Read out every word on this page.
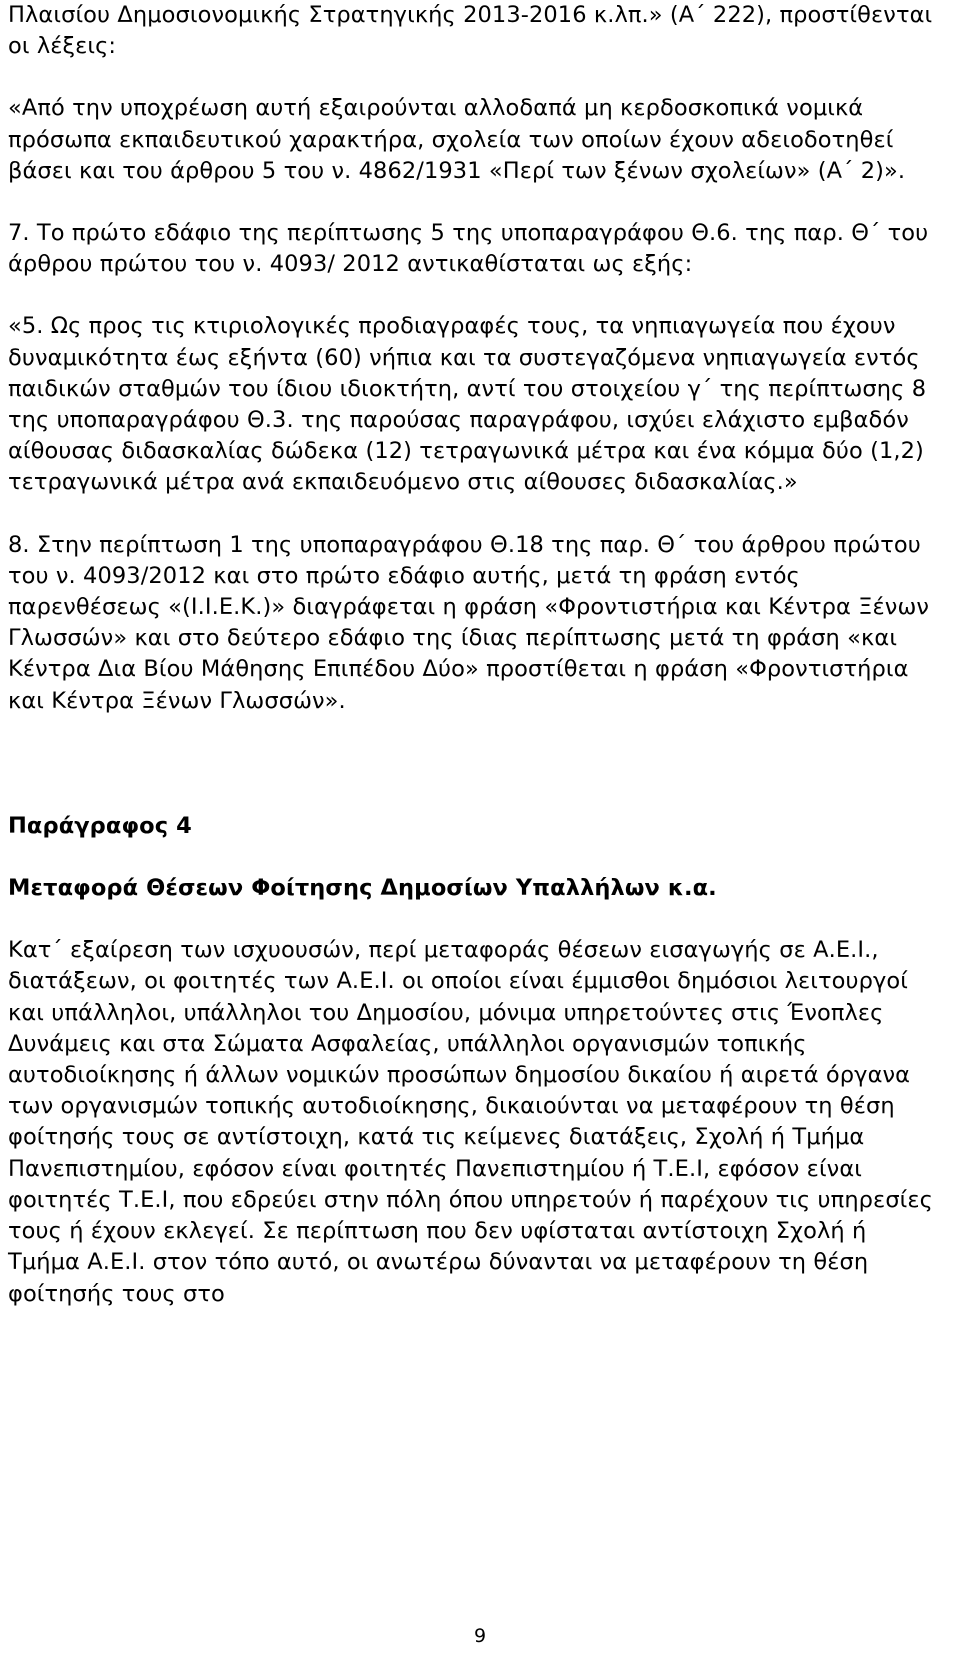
Πλαισίου Δημοσιονομικής Στρατηγικής 2013-2016 κ.λπ.» (Α΄ 222), προστίθενται οι λέξεις:

«Από την υποχρέωση αυτή εξαιρούνται αλλοδαπά μη κερδοσκοπικά νομικά πρόσωπα εκπαιδευτικού χαρακτήρα, σχολεία των οποίων έχουν αδειοδοτηθεί βάσει και του άρθρου 5 του ν. 4862/1931 «Περί των ξένων σχολείων» (Α΄ 2)».

7. Το πρώτο εδάφιο της περίπτωσης 5 της υποπαραγράφου Θ.6. της παρ. Θ΄ του άρθρου πρώτου του ν. 4093/ 2012 αντικαθίσταται ως εξής:

«5. Ως προς τις κτιριολογικές προδιαγραφές τους, τα νηπιαγωγεία που έχουν δυναμικότητα έως εξήντα (60) νήπια και τα συστεγαζόμενα νηπιαγωγεία εντός παιδικών σταθμών του ίδιου ιδιοκτήτη, αντί του στοιχείου γ΄ της περίπτωσης 8 της υποπαραγράφου Θ.3. της παρούσας παραγράφου, ισχύει ελάχιστο εμβαδόν αίθουσας διδασκαλίας δώδεκα (12) τετραγωνικά μέτρα και ένα κόμμα δύο (1,2) τετραγωνικά μέτρα ανά εκπαιδευόμενο στις αίθουσες διδασκαλίας.»

8. Στην περίπτωση 1 της υποπαραγράφου Θ.18 της παρ. Θ΄ του άρθρου πρώτου του ν. 4093/2012 και στο πρώτο εδάφιο αυτής, μετά τη φράση εντός παρενθέσεως «(Ι.Ι.Ε.Κ.)» διαγράφεται η φράση «Φροντιστήρια και Κέντρα Ξένων Γλωσσών» και στο δεύτερο εδάφιο της ίδιας περίπτωσης μετά τη φράση «και Κέντρα Δια Βίου Μάθησης Επιπέδου Δύο» προστίθεται η φράση «Φροντιστήρια και Κέντρα Ξένων Γλωσσών».

Παράγραφος 4

Μεταφορά Θέσεων Φοίτησης Δημοσίων Υπαλλήλων κ.α.

Κατ΄ εξαίρεση των ισχυουσών, περί μεταφοράς θέσεων εισαγωγής σε Α.Ε.Ι., διατάξεων, οι φοιτητές των Α.Ε.Ι. οι οποίοι είναι έμμισθοι δημόσιοι λειτουργοί και υπάλληλοι, υπάλληλοι του Δημοσίου, μόνιμα υπηρετούντες στις Ένοπλες Δυνάμεις και στα Σώματα Ασφαλείας, υπάλληλοι οργανισμών τοπικής αυτοδιοίκησης ή άλλων νομικών προσώπων δημοσίου δικαίου ή αιρετά όργανα των οργανισμών τοπικής αυτοδιοίκησης, δικαιούνται να μεταφέρουν τη θέση φοίτησής τους σε αντίστοιχη, κατά τις κείμενες διατάξεις, Σχολή ή Τμήμα Πανεπιστημίου, εφόσον είναι φοιτητές Πανεπιστημίου ή Τ.Ε.Ι, εφόσον είναι φοιτητές Τ.Ε.Ι, που εδρεύει στην πόλη όπου υπηρετούν ή παρέχουν τις υπηρεσίες τους ή έχουν εκλεγεί. Σε περίπτωση που δεν υφίσταται αντίστοιχη Σχολή ή Τμήμα Α.Ε.Ι. στον τόπο αυτό, οι ανωτέρω δύνανται να μεταφέρουν τη θέση φοίτησής τους στο

9
